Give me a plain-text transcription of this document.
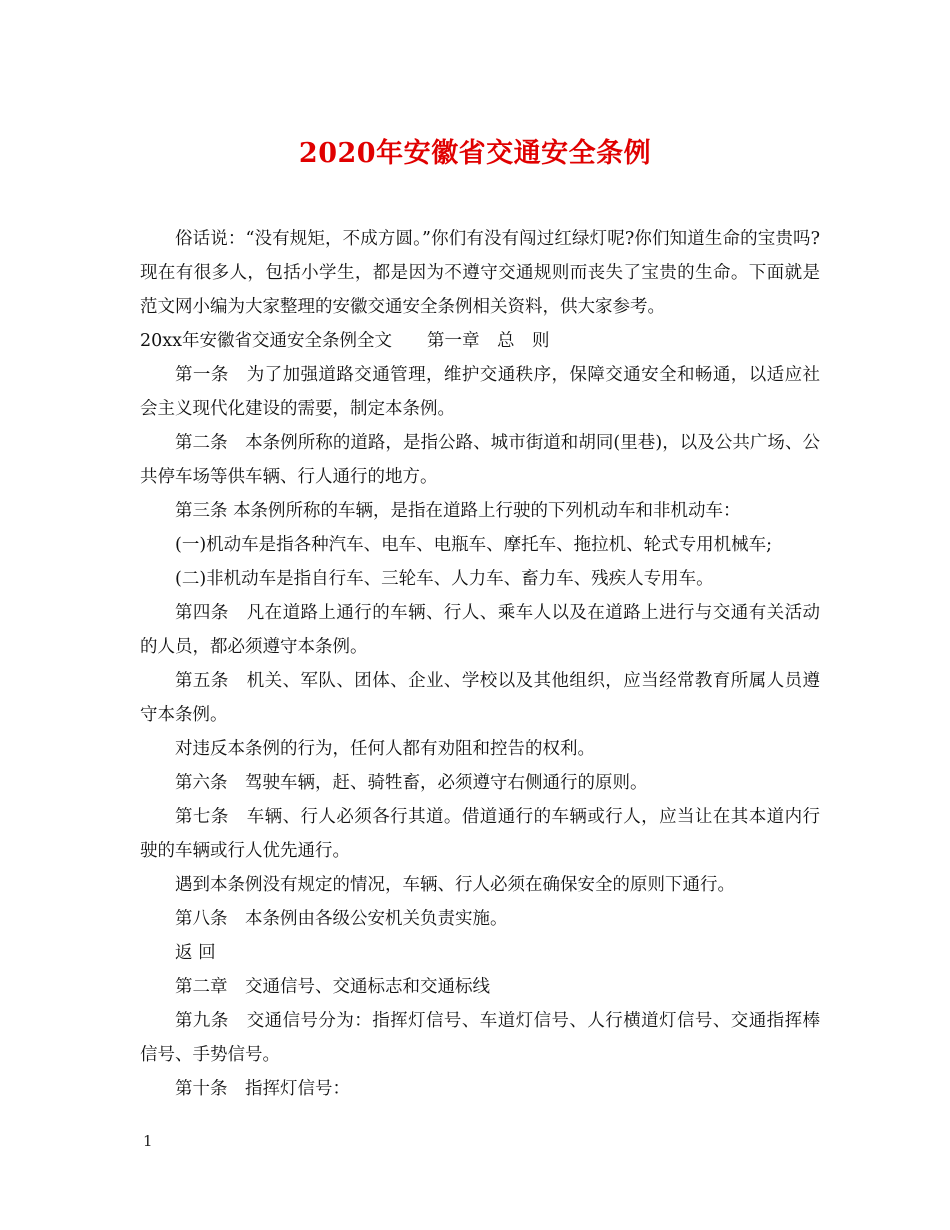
2020年安徽省交通安全条例

俗话说：“没有规矩，不成方圆。”你们有没有闯过红绿灯呢?你们知道生命的宝贵吗?现在有很多人，包括小学生，都是因为不遵守交通规则而丧失了宝贵的生命。下面就是范文网小编为大家整理的安徽交通安全条例相关资料，供大家参考。

20xx年安徽省交通安全条例全文　　第一章　总　则

第一条　为了加强道路交通管理，维护交通秩序，保障交通安全和畅通，以适应社会主义现代化建设的需要，制定本条例。

第二条　本条例所称的道路，是指公路、城市街道和胡同(里巷)，以及公共广场、公共停车场等供车辆、行人通行的地方。

第三条 本条例所称的车辆，是指在道路上行驶的下列机动车和非机动车：

(一)机动车是指各种汽车、电车、电瓶车、摩托车、拖拉机、轮式专用机械车;

(二)非机动车是指自行车、三轮车、人力车、畜力车、残疾人专用车。

第四条　凡在道路上通行的车辆、行人、乘车人以及在道路上进行与交通有关活动的人员，都必须遵守本条例。

第五条　机关、军队、团体、企业、学校以及其他组织，应当经常教育所属人员遵守本条例。

对违反本条例的行为，任何人都有劝阻和控告的权利。

第六条　驾驶车辆，赶、骑牲畜，必须遵守右侧通行的原则。

第七条　车辆、行人必须各行其道。借道通行的车辆或行人，应当让在其本道内行驶的车辆或行人优先通行。

遇到本条例没有规定的情况，车辆、行人必须在确保安全的原则下通行。

第八条　本条例由各级公安机关负责实施。

返 回

第二章　交通信号、交通标志和交通标线

第九条　交通信号分为：指挥灯信号、车道灯信号、人行横道灯信号、交通指挥棒信号、手势信号。

第十条　指挥灯信号：

1
